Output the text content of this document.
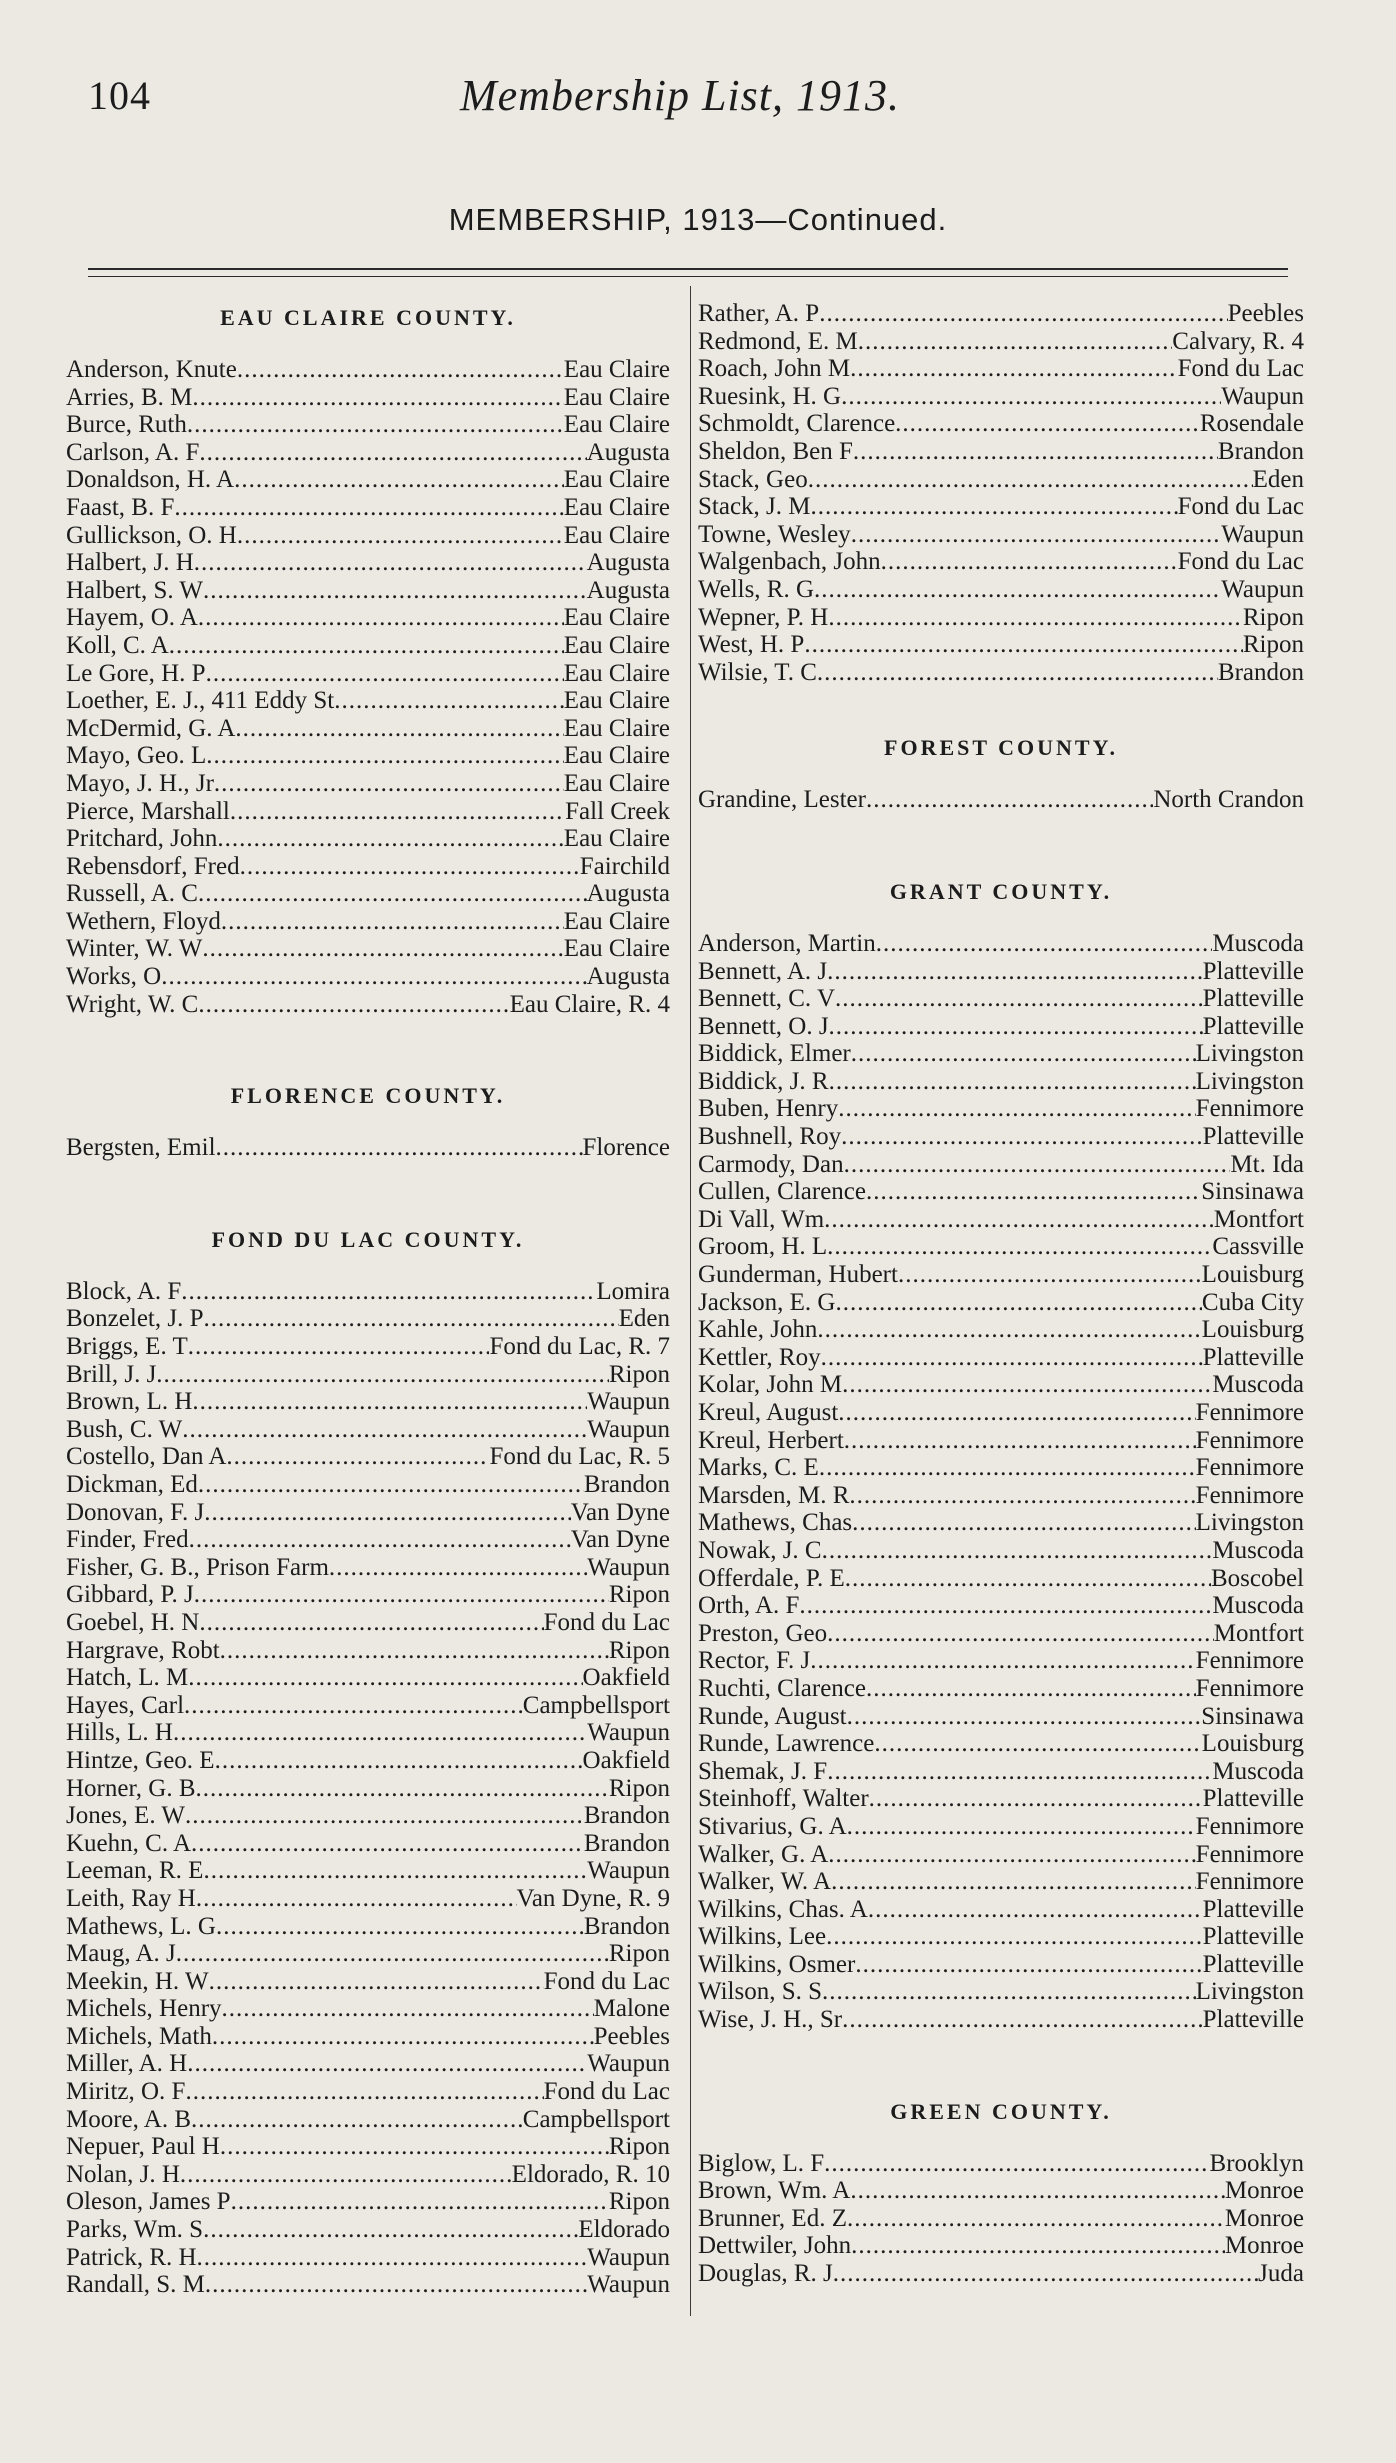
104	Membership List, 1913.
MEMBERSHIP, 1913—Continued.
EAU CLAIRE COUNTY.
Anderson, Knute .....	Eau Claire
Arries, B. M .....	Eau Claire
Burce, Ruth .....	Eau Claire
Carlson, A. F .....	Augusta
Donaldson, H. A .....	Eau Claire
Faast, B. F .....	Eau Claire
Gullickson, O. H .....	Eau Claire
Halbert, J. H .....	Augusta
Halbert, S. W .....	Augusta
Hayem, O. A .....	Eau Claire
Koll, C. A .....	Eau Claire
Le Gore, H. P .....	Eau Claire
Loether, E. J., 411 Eddy St .....	Eau Claire
McDermid, G. A .....	Eau Claire
Mayo, Geo. L .....	Eau Claire
Mayo, J. H., Jr .....	Eau Claire
Pierce, Marshall .....	Fall Creek
Pritchard, John .....	Eau Claire
Rebensdorf, Fred .....	Fairchild
Russell, A. C .....	Augusta
Wethern, Floyd .....	Eau Claire
Winter, W. W .....	Eau Claire
Works, O .....	Augusta
Wright, W. C .....	Eau Claire, R. 4
FLORENCE COUNTY.
Bergsten, Emil .....	Florence
FOND DU LAC COUNTY.
Block, A. F .....	Lomira
Bonzelet, J. P .....	Eden
Briggs, E. T .....	Fond du Lac, R. 7
Brill, J. J .....	Ripon
Brown, L. H .....	Waupun
Bush, C. W .....	Waupun
Costello, Dan A .....	Fond du Lac, R. 5
Dickman, Ed .....	Brandon
Donovan, F. J .....	Van Dyne
Finder, Fred .....	Van Dyne
Fisher, G. B., Prison Farm .....	Waupun
Gibbard, P. J .....	Ripon
Goebel, H. N .....	Fond du Lac
Hargrave, Robt .....	Ripon
Hatch, L. M .....	Oakfield
Hayes, Carl .....	Campbellsport
Hills, L. H .....	Waupun
Hintze, Geo. E .....	Oakfield
Horner, G. B .....	Ripon
Jones, E. W .....	Brandon
Kuehn, C. A .....	Brandon
Leeman, R. E .....	Waupun
Leith, Ray H .....	Van Dyne, R. 9
Mathews, L. G .....	Brandon
Maug, A. J .....	Ripon
Meekin, H. W .....	Fond du Lac
Michels, Henry .....	Malone
Michels, Math .....	Peebles
Miller, A. H .....	Waupun
Miritz, O. F .....	Fond du Lac
Moore, A. B .....	Campbellsport
Nepuer, Paul H .....	Ripon
Nolan, J. H .....	Eldorado, R. 10
Oleson, James P .....	Ripon
Parks, Wm. S .....	Eldorado
Patrick, R. H .....	Waupun
Randall, S. M .....	Waupun
Rather, A. P .....	Peebles
Redmond, E. M .....	Calvary, R. 4
Roach, John M .....	Fond du Lac
Ruesink, H. G .....	Waupun
Schmoldt, Clarence .....	Rosendale
Sheldon, Ben F .....	Brandon
Stack, Geo .....	Eden
Stack, J. M .....	Fond du Lac
Towne, Wesley .....	Waupun
Walgenbach, John .....	Fond du Lac
Wells, R. G .....	Waupun
Wepner, P. H .....	Ripon
West, H. P .....	Ripon
Wilsie, T. C .....	Brandon
FOREST COUNTY.
Grandine, Lester .....	North Crandon
GRANT COUNTY.
Anderson, Martin .....	Muscoda
Bennett, A. J .....	Platteville
Bennett, C. V .....	Platteville
Bennett, O. J .....	Platteville
Biddick, Elmer .....	Livingston
Biddick, J. R .....	Livingston
Buben, Henry .....	Fennimore
Bushnell, Roy .....	Platteville
Carmody, Dan .....	Mt. Ida
Cullen, Clarence .....	Sinsinawa
Di Vall, Wm .....	Montfort
Groom, H. L .....	Cassville
Gunderman, Hubert .....	Louisburg
Jackson, E. G .....	Cuba City
Kahle, John .....	Louisburg
Kettler, Roy .....	Platteville
Kolar, John M .....	Muscoda
Kreul, August .....	Fennimore
Kreul, Herbert .....	Fennimore
Marks, C. E .....	Fennimore
Marsden, M. R .....	Fennimore
Mathews, Chas .....	Livingston
Nowak, J. C .....	Muscoda
Offerdale, P. E .....	Boscobel
Orth, A. F .....	Muscoda
Preston, Geo .....	Montfort
Rector, F. J .....	Fennimore
Ruchti, Clarence .....	Fennimore
Runde, August .....	Sinsinawa
Runde, Lawrence .....	Louisburg
Shemak, J. F .....	Muscoda
Steinhoff, Walter .....	Platteville
Stivarius, G. A .....	Fennimore
Walker, G. A .....	Fennimore
Walker, W. A .....	Fennimore
Wilkins, Chas. A .....	Platteville
Wilkins, Lee .....	Platteville
Wilkins, Osmer .....	Platteville
Wilson, S. S .....	Livingston
Wise, J. H., Sr .....	Platteville
GREEN COUNTY.
Biglow, L. F .....	Brooklyn
Brown, Wm. A .....	Monroe
Brunner, Ed. Z .....	Monroe
Dettwiler, John .....	Monroe
Douglas, R. J .....	Juda
